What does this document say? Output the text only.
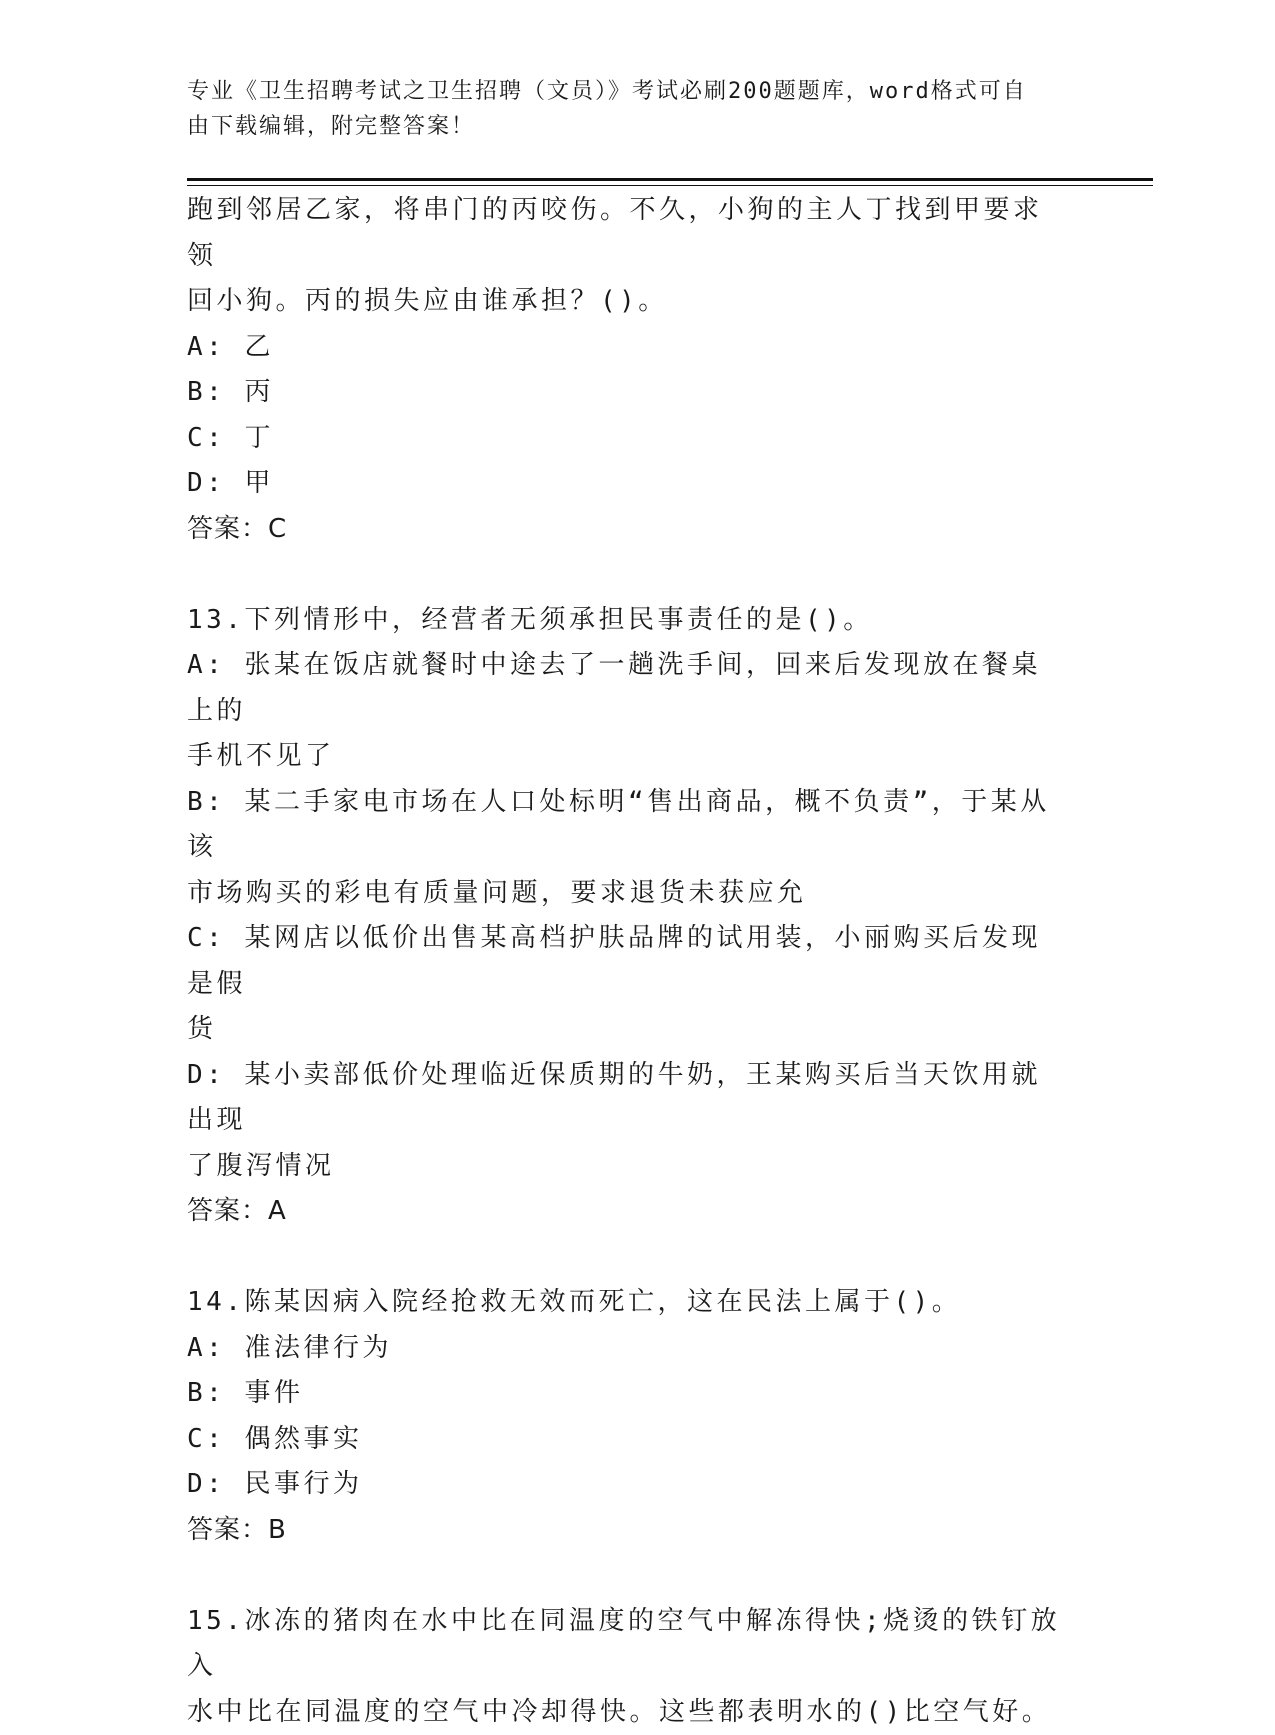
专业《卫生招聘考试之卫生招聘（文员）》考试必刷200题题库，word格式可自
由下载编辑，附完整答案！

跑到邻居乙家，将串门的丙咬伤。不久，小狗的主人丁找到甲要求领

回小狗。丙的损失应由谁承担？()。

A: 乙

B: 丙

C: 丁

D: 甲

答案：C

13.下列情形中，经营者无须承担民事责任的是()。

A: 张某在饭店就餐时中途去了一趟洗手间，回来后发现放在餐桌上的

手机不见了

B: 某二手家电市场在人口处标明“售出商品，概不负责”，于某从该

市场购买的彩电有质量问题，要求退货未获应允

C: 某网店以低价出售某高档护肤品牌的试用装，小丽购买后发现是假

货

D: 某小卖部低价处理临近保质期的牛奶，王某购买后当天饮用就出现

了腹泻情况

答案：A

14.陈某因病入院经抢救无效而死亡，这在民法上属于()。

A: 准法律行为

B: 事件

C: 偶然事实

D: 民事行为

答案：B

15.冰冻的猪肉在水中比在同温度的空气中解冻得快;烧烫的铁钉放入

水中比在同温度的空气中冷却得快。这些都表明水的()比空气好。
